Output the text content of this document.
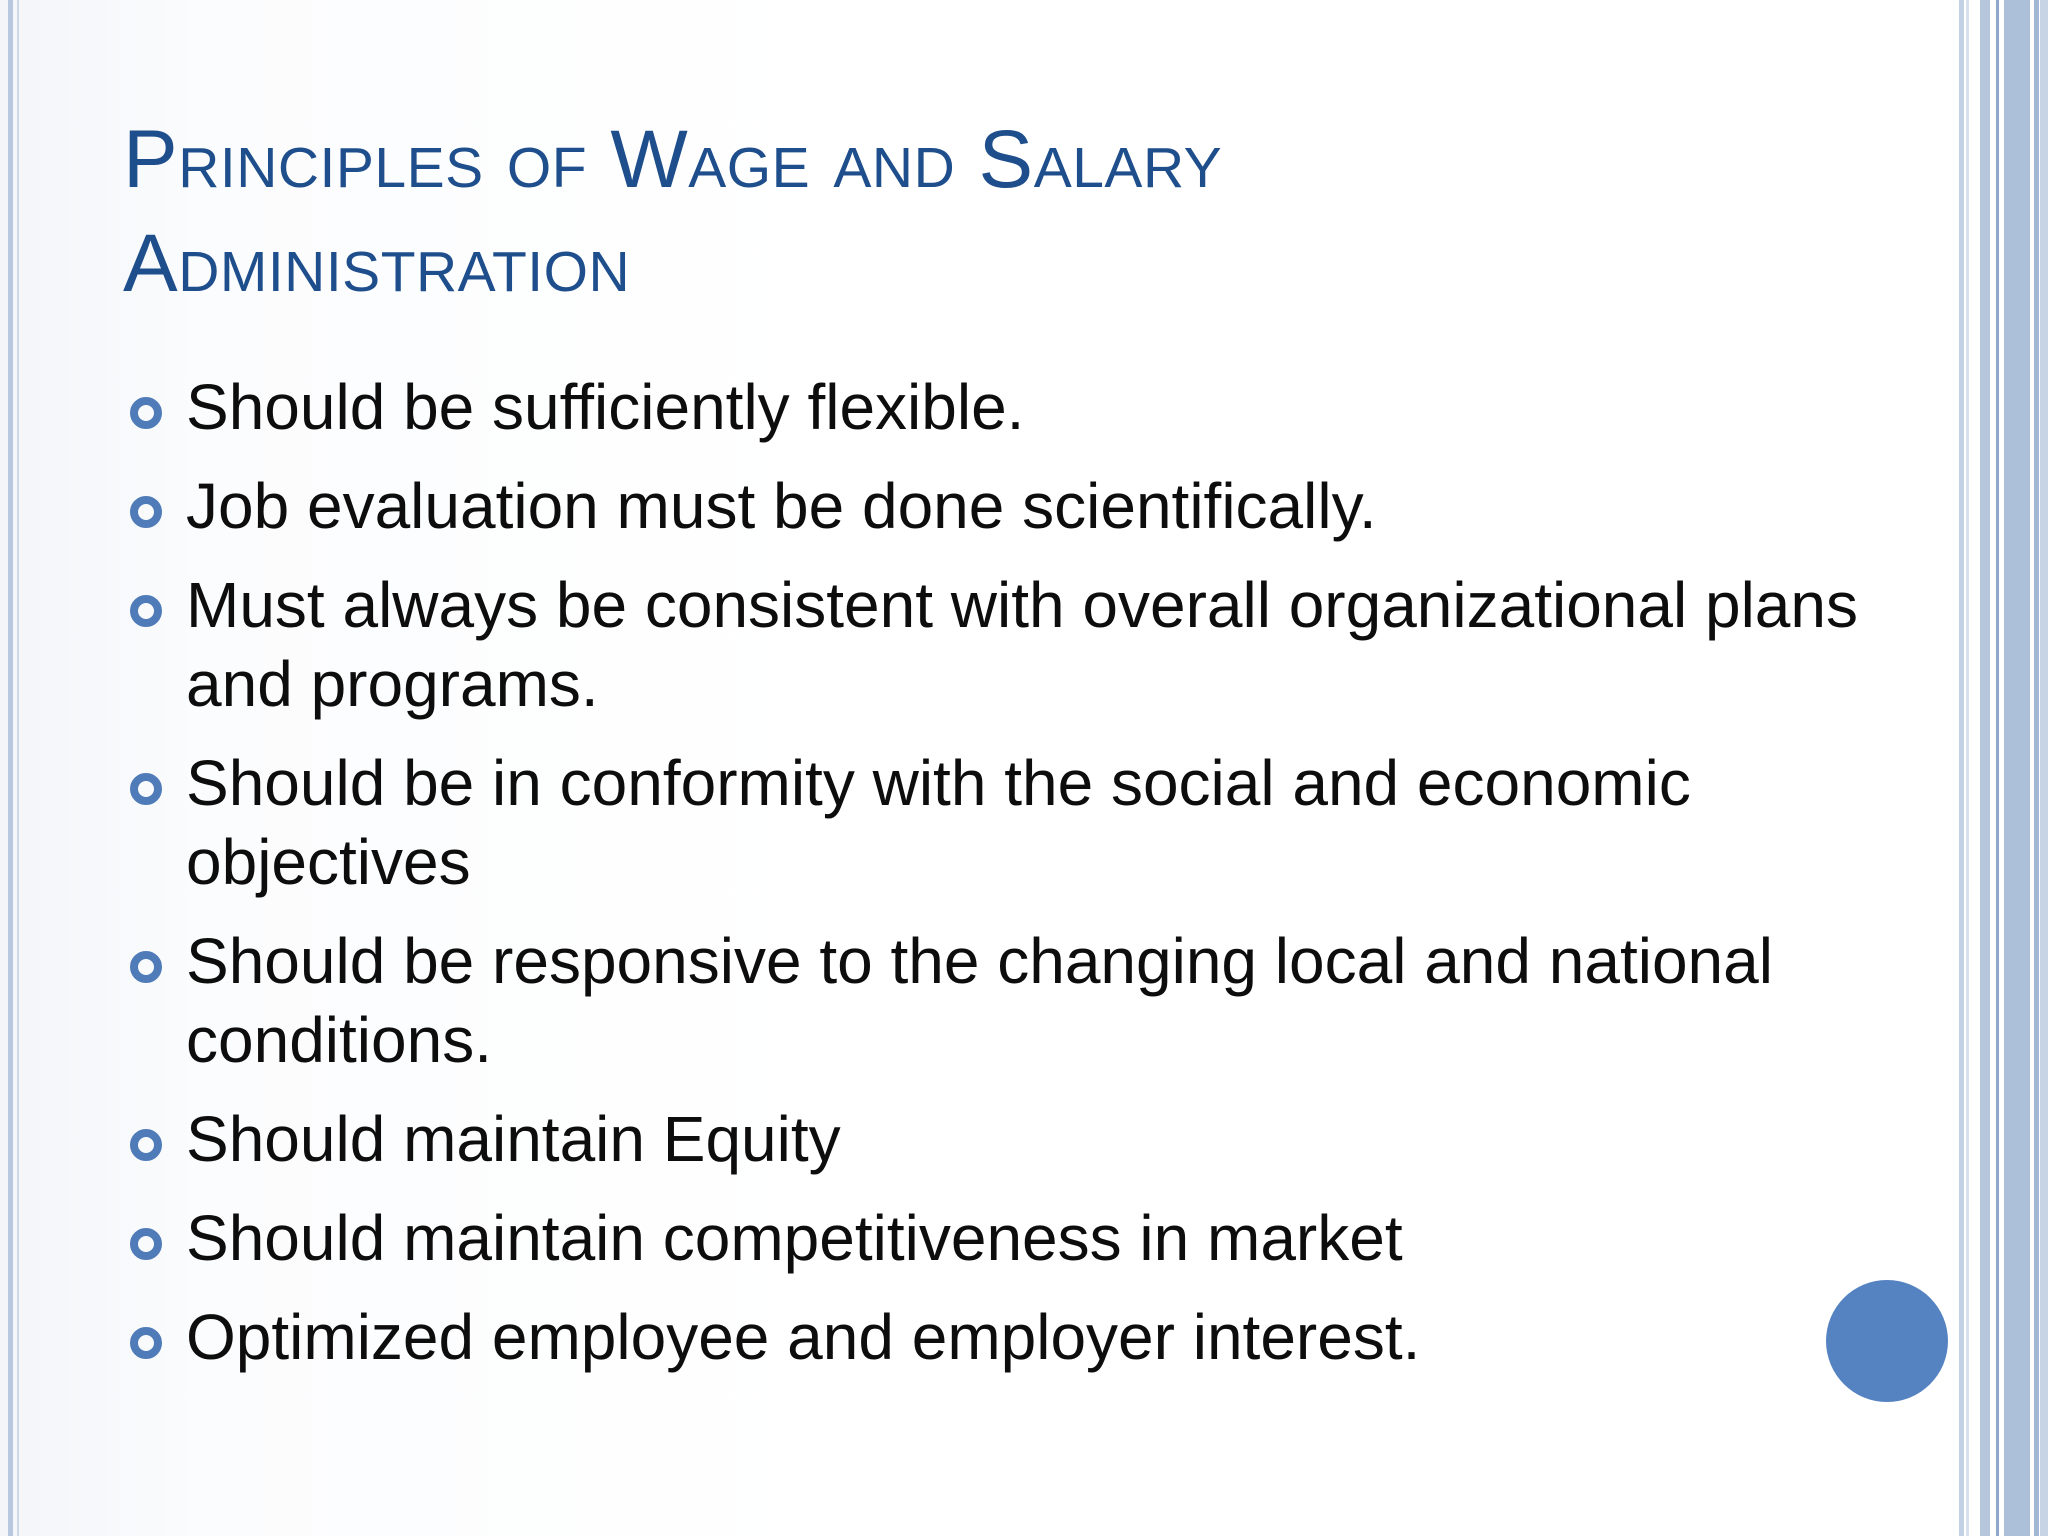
Principles of Wage and Salary
Administration
Should be sufficiently flexible.
Job evaluation must be done scientifically.
Must always be consistent with overall organizational plans and programs.
Should be in conformity with the social and economic objectives
Should be responsive to the changing local and national conditions.
Should maintain Equity
Should maintain competitiveness in market
Optimized employee and employer interest.
